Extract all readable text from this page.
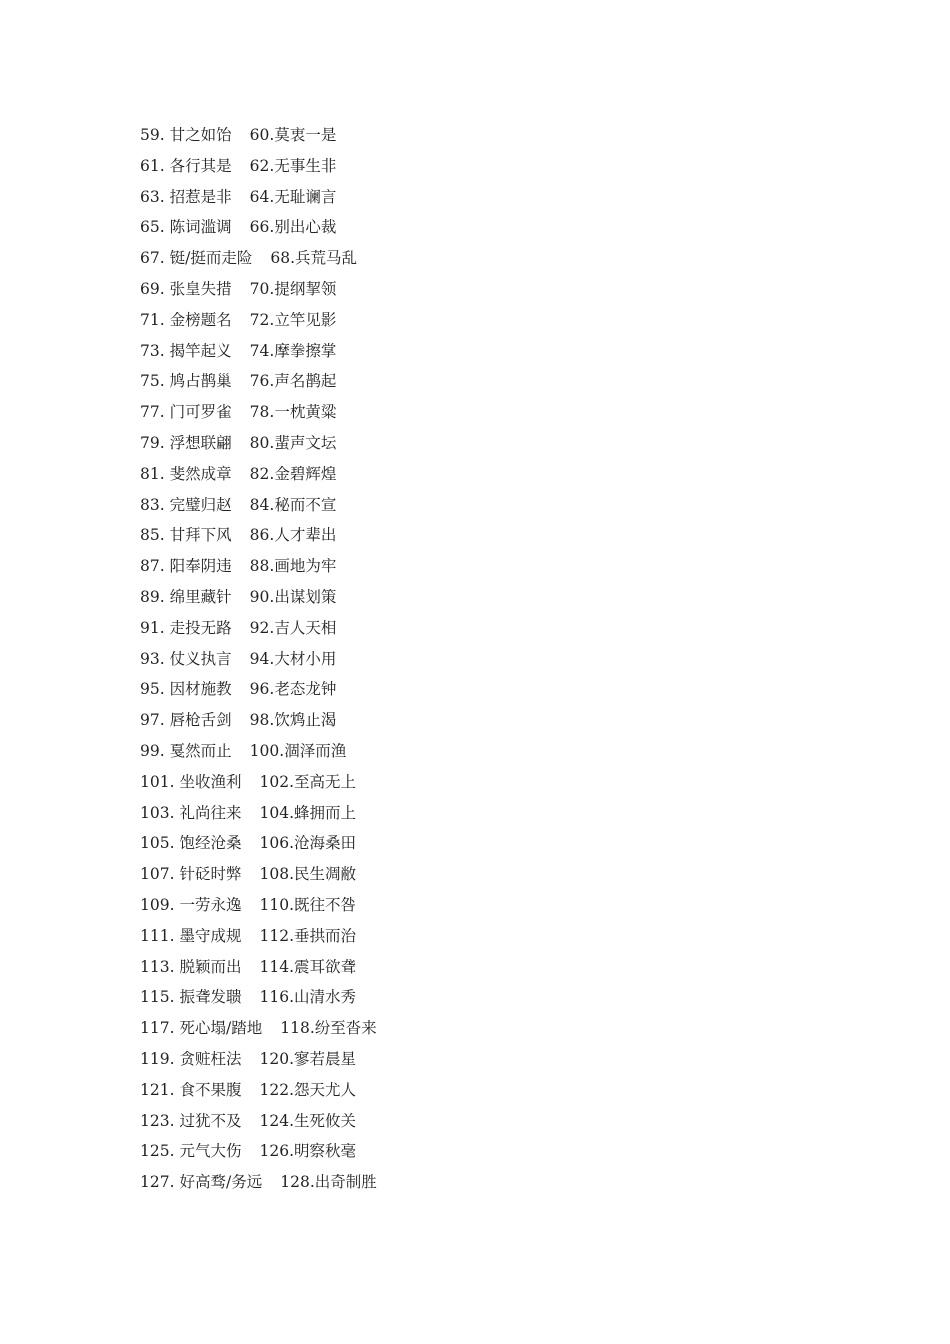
59. 甘之如饴 60.莫衷一是
61. 各行其是 62.无事生非
63. 招惹是非 64.无耻谰言
65. 陈词滥调 66.别出心裁
67. 铤/挺而走险 68.兵荒马乱
69. 张皇失措 70.提纲挈领
71. 金榜题名 72.立竿见影
73. 揭竿起义 74.摩拳擦掌
75. 鸠占鹊巢 76.声名鹊起
77. 门可罗雀 78.一枕黄粱
79. 浮想联翩 80.蜚声文坛
81. 斐然成章 82.金碧辉煌
83. 完璧归赵 84.秘而不宣
85. 甘拜下风 86.人才辈出
87. 阳奉阴违 88.画地为牢
89. 绵里藏针 90.出谋划策
91. 走投无路 92.吉人天相
93. 仗义执言 94.大材小用
95. 因材施教 96.老态龙钟
97. 唇枪舌剑 98.饮鸩止渴
99. 戛然而止 100.涸泽而渔
101. 坐收渔利 102.至高无上
103. 礼尚往来 104.蜂拥而上
105. 饱经沧桑 106.沧海桑田
107. 针砭时弊 108.民生凋敝
109. 一劳永逸 110.既往不咎
111. 墨守成规 112.垂拱而治
113. 脱颖而出 114.震耳欲聋
115. 振聋发聩 116.山清水秀
117. 死心塌/踏地 118.纷至沓来
119. 贪赃枉法 120.寥若晨星
121. 食不果腹 122.怨天尤人
123. 过犹不及 124.生死攸关
125. 元气大伤 126.明察秋毫
127. 好高骛/务远 128.出奇制胜
